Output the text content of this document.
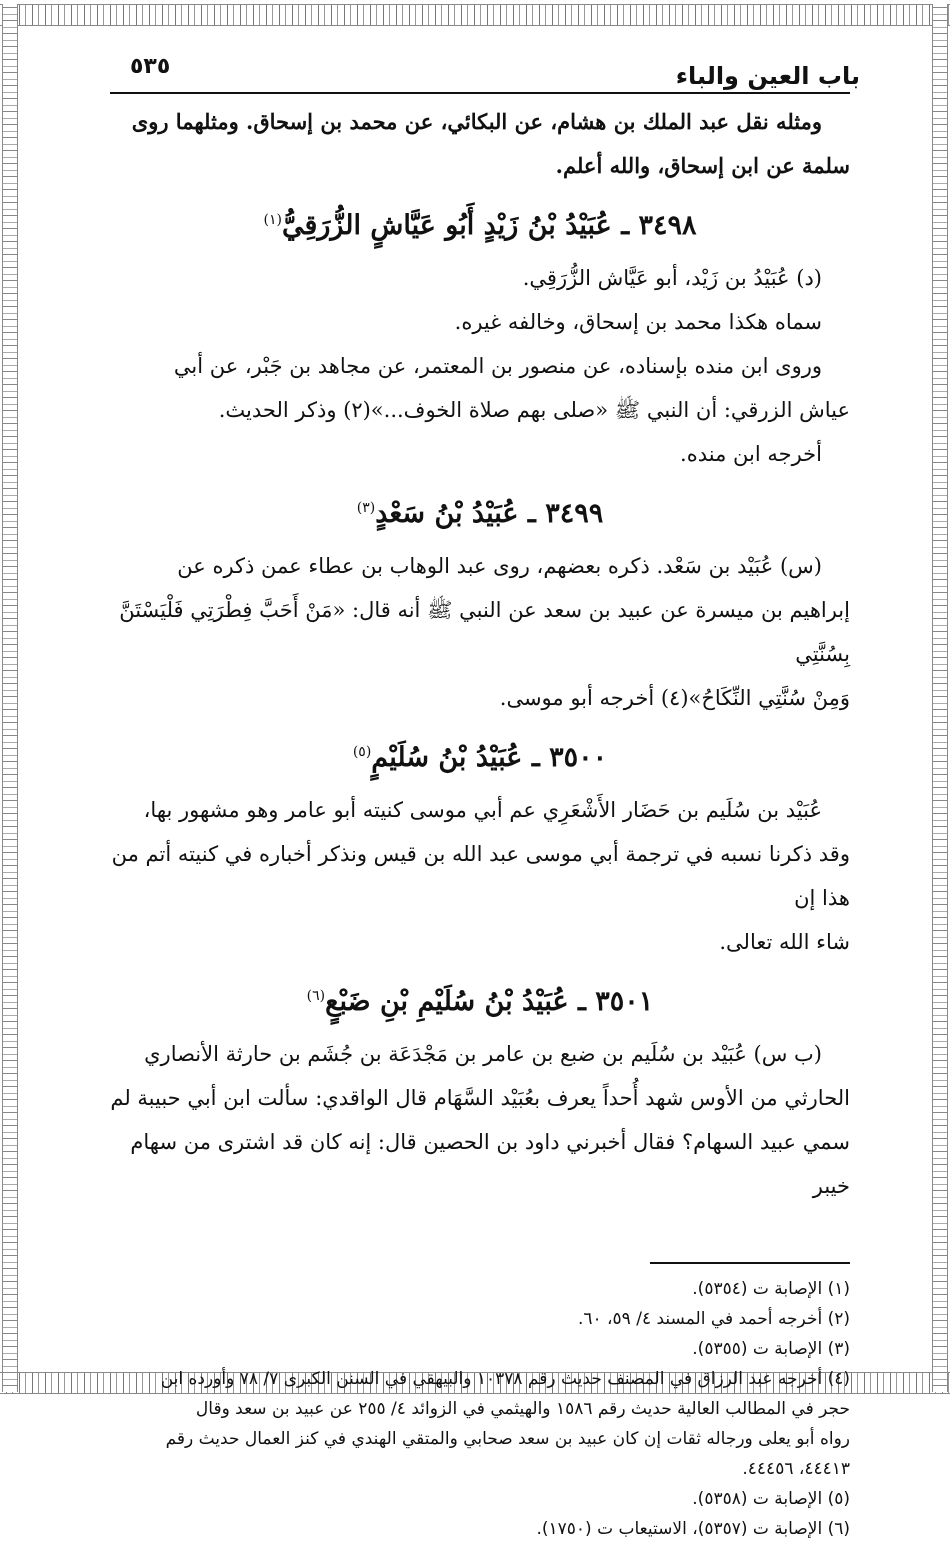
باب العين والباء
٥٣٥

ومثله نقل عبد الملك بن هشام، عن البكائي، عن محمد بن إسحاق. ومثلهما روى

سلمة عن ابن إسحاق، والله أعلم.

٣٤٩٨ ـ عُبَيْدُ بْنُ زَيْدٍ أَبُو عَيَّاشٍ الزُّرَقِيُّ$^{(١)}$

(د) عُبَيْدُ بن زَيْد، أبو عَيَّاش الزُّرَقِي.

سماه هكذا محمد بن إسحاق، وخالفه غيره.

وروى ابن منده بإسناده، عن منصور بن المعتمر، عن مجاهد بن جَبْر، عن أبي

عياش الزرقي: أن النبي ﷺ «صلى بهم صلاة الخوف...»(٢) وذكر الحديث.

أخرجه ابن منده.

٣٤٩٩ ـ عُبَيْدُ بْنُ سَعْدٍ$^{(٣)}$

(س) عُبَيْد بن سَعْد. ذكره بعضهم، روى عبد الوهاب بن عطاء عمن ذكره عن

إبراهيم بن ميسرة عن عبيد بن سعد عن النبي ﷺ أنه قال: «مَنْ أَحَبَّ فِطْرَتِي فَلْيَسْتَنَّ بِسُنَّتِي

وَمِنْ سُنَّتِي النِّكَاحُ»(٤) أخرجه أبو موسى.

٣٥٠٠ ـ عُبَيْدُ بْنُ سُلَيْمٍ$^{(٥)}$

عُبَيْد بن سُلَيم بن حَضَار الأَشْعَرِي عم أبي موسى كنيته أبو عامر وهو مشهور بها،

وقد ذكرنا نسبه في ترجمة أبي موسى عبد الله بن قيس ونذكر أخباره في كنيته أتم من هذا إن

شاء الله تعالى.

٣٥٠١ ـ عُبَيْدُ بْنُ سُلَيْمِ بْنِ ضَبْعٍ$^{(٦)}$

(ب س) عُبَيْد بن سُلَيم بن ضبع بن عامر بن مَجْدَعَة بن جُشَم بن حارثة الأنصاري

الحارثي من الأوس شهد أُحداً يعرف بعُبَيْد السَّهَام قال الواقدي: سألت ابن أبي حبيبة لم

سمي عبيد السهام؟ فقال أخبرني داود بن الحصين قال: إنه كان قد اشترى من سهام خيبر

(١) الإصابة ت (٥٣٥٤).

(٢) أخرجه أحمد في المسند ٤/ ٥٩، ٦٠.

(٣) الإصابة ت (٥٣٥٥).

(٤) أخرجه عبد الرزاق في المصنف حديث رقم ١٠٣٧٨ والبيهقي في السنن الكبرى ٧/ ٧٨ وأورده ابن

حجر في المطالب العالية حديث رقم ١٥٨٦ والهيثمي في الزوائد ٤/ ٢٥٥ عن عبيد بن سعد وقال

رواه أبو يعلى ورجاله ثقات إن كان عبيد بن سعد صحابي والمتقي الهندي في كنز العمال حديث رقم

٤٤٤١٣، ٤٤٤٥٦.

(٥) الإصابة ت (٥٣٥٨).

(٦) الإصابة ت (٥٣٥٧)، الاستيعاب ت (١٧٥٠).
